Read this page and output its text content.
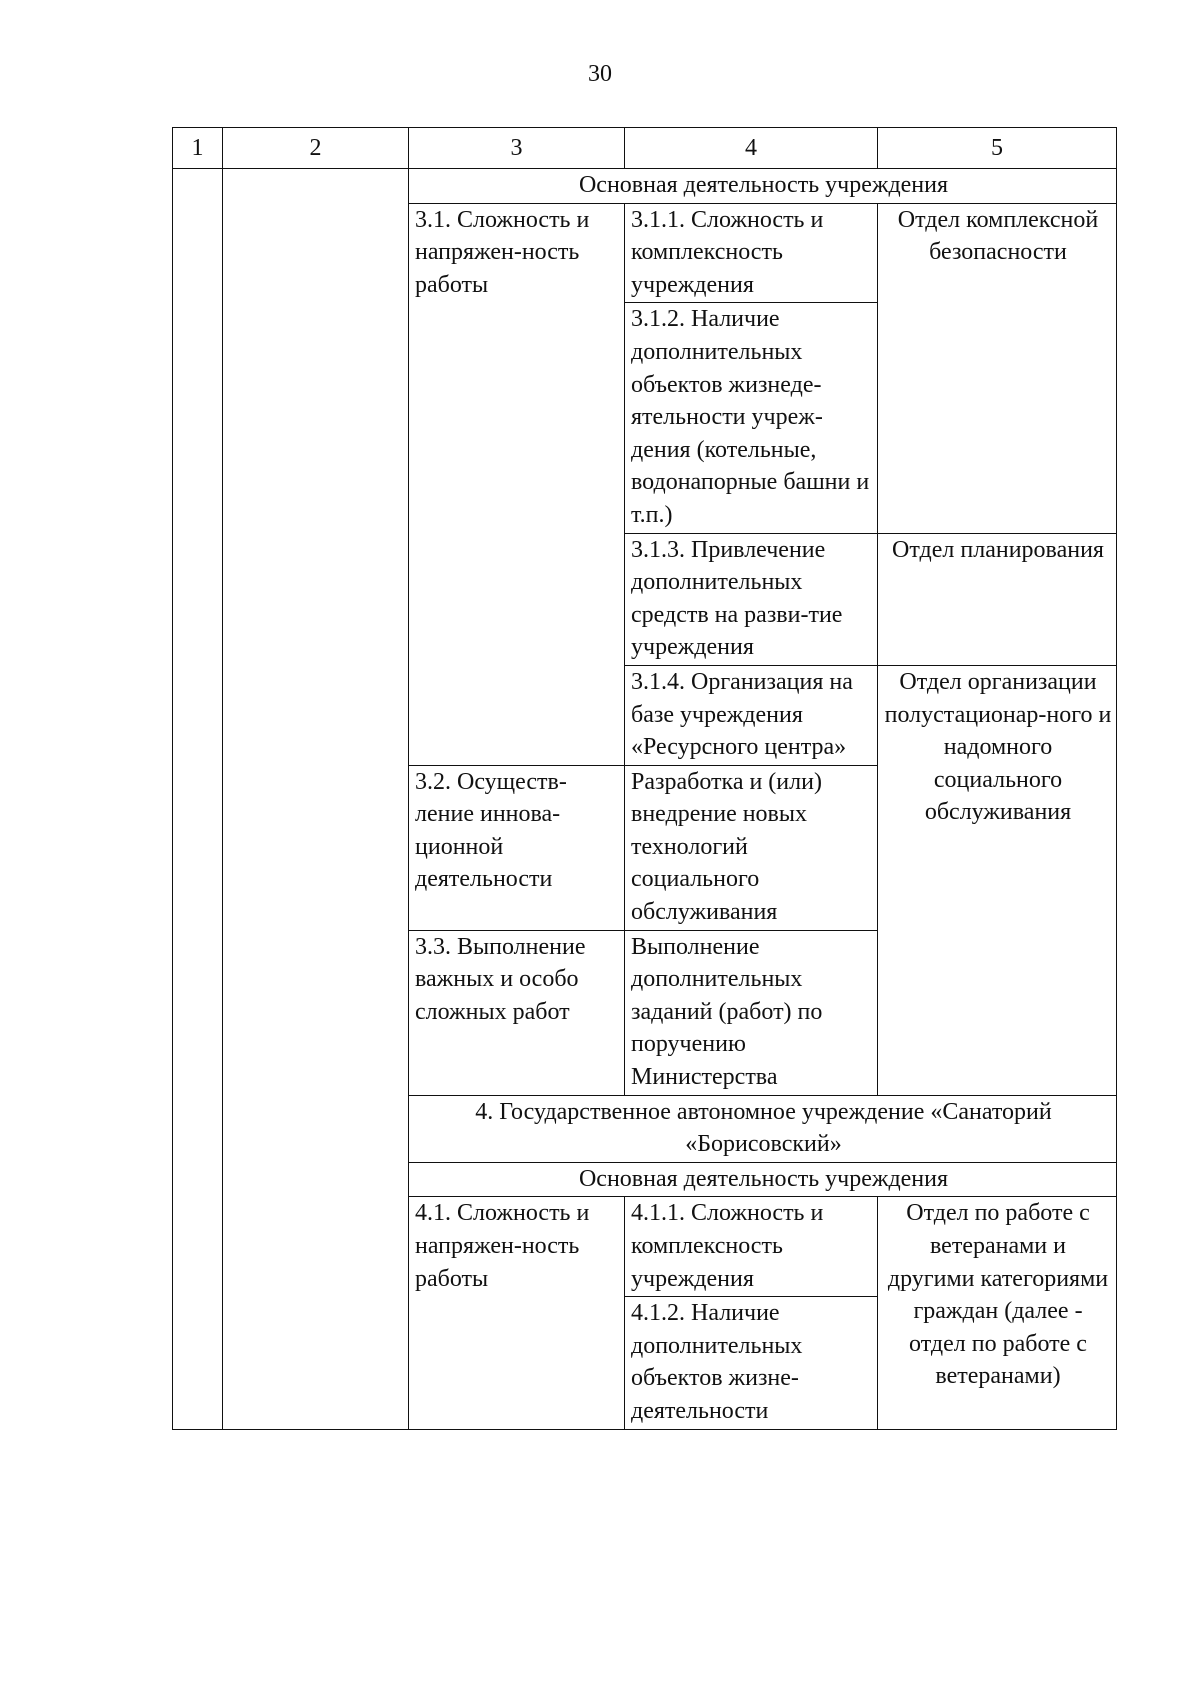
30
1	2	3	4	5
		Основная деятельность учреждения		
		3.1. Сложность и напряжен-ность работы	3.1.1. Сложность и комплексность учреждения	Отдел комплексной безопасности
			3.1.2. Наличие дополнительных объектов жизнеде-ятельности учреж-дения (котельные, водонапорные башни и т.п.)	
			3.1.3. Привлечение дополнительных средств на разви-тие учреждения	Отдел планирования
			3.1.4. Организация на базе учреждения «Ресурсного центра»	Отдел организации полустационар-ного и надомного социального обслуживания
		3.2. Осуществ-ление иннова-ционной деятельности	Разработка и (или) внедрение новых технологий социального обслуживания	
		3.3. Выполнение важных и особо сложных работ	Выполнение дополнительных заданий (работ) по поручению Министерства	
		4. Государственное автономное учреждение «Санаторий «Борисовский»		
		Основная деятельность учреждения		
		4.1. Сложность и напряжен-ность работы	4.1.1. Сложность и комплексность учреждения	Отдел по работе с ветеранами и другими категориями граждан (далее - отдел по работе с ветеранами)
			4.1.2. Наличие дополнительных объектов жизне-деятельности	
